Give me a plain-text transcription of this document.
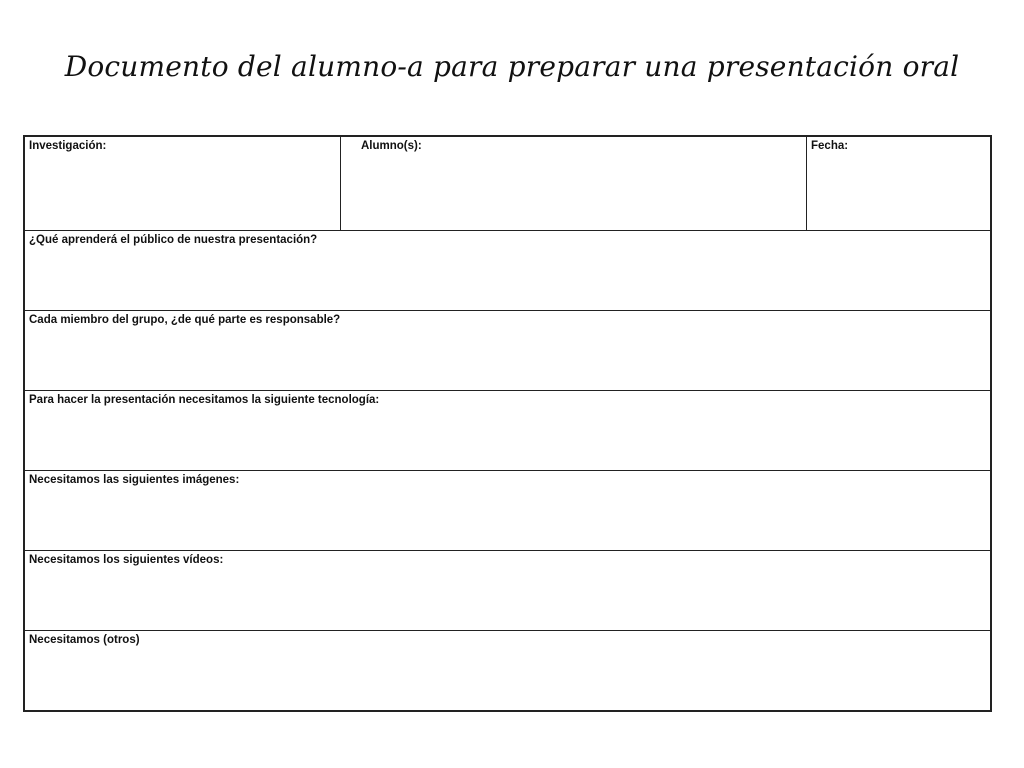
Documento del alumno-a para preparar una presentación oral
Investigación:	Alumno(s):	Fecha:
¿Qué aprenderá el público de nuestra presentación?
Cada miembro del grupo, ¿de qué parte es responsable?
Para hacer la presentación necesitamos la siguiente tecnología:
Necesitamos las siguientes imágenes:
Necesitamos los siguientes vídeos:
Necesitamos (otros)
